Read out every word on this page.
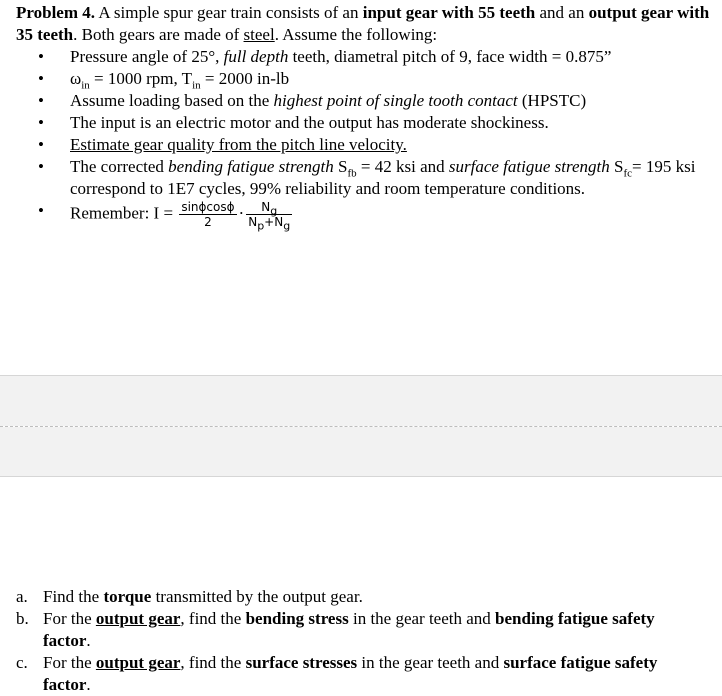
Problem 4. A simple spur gear train consists of an input gear with 55 teeth and an output gear with 35 teeth. Both gears are made of steel. Assume the following:
• Pressure angle of 25°, full depth teeth, diametral pitch of 9, face width = 0.875”
• $\omega_{in} = 1000$ rpm, $T_{in} = 2000$ in-lb
• Assume loading based on the highest point of single tooth contact (HPSTC)
• The input is an electric motor and the output has moderate shockiness.
• Estimate gear quality from the pitch line velocity.
• The corrected bending fatigue strength $S_{fb} = 42$ ksi and surface fatigue strength $S_{fc}= 195$ ksi correspond to 1E7 cycles, 99% reliability and room temperature conditions.
• Remember: $I = \frac{\sin\phi\cos\phi}{2} \cdot \frac{N_g}{N_p+N_g}$
a. Find the torque transmitted by the output gear.
b. For the output gear, find the bending stress in the gear teeth and bending fatigue safety factor.
c. For the output gear, find the surface stresses in the gear teeth and surface fatigue safety factor.
